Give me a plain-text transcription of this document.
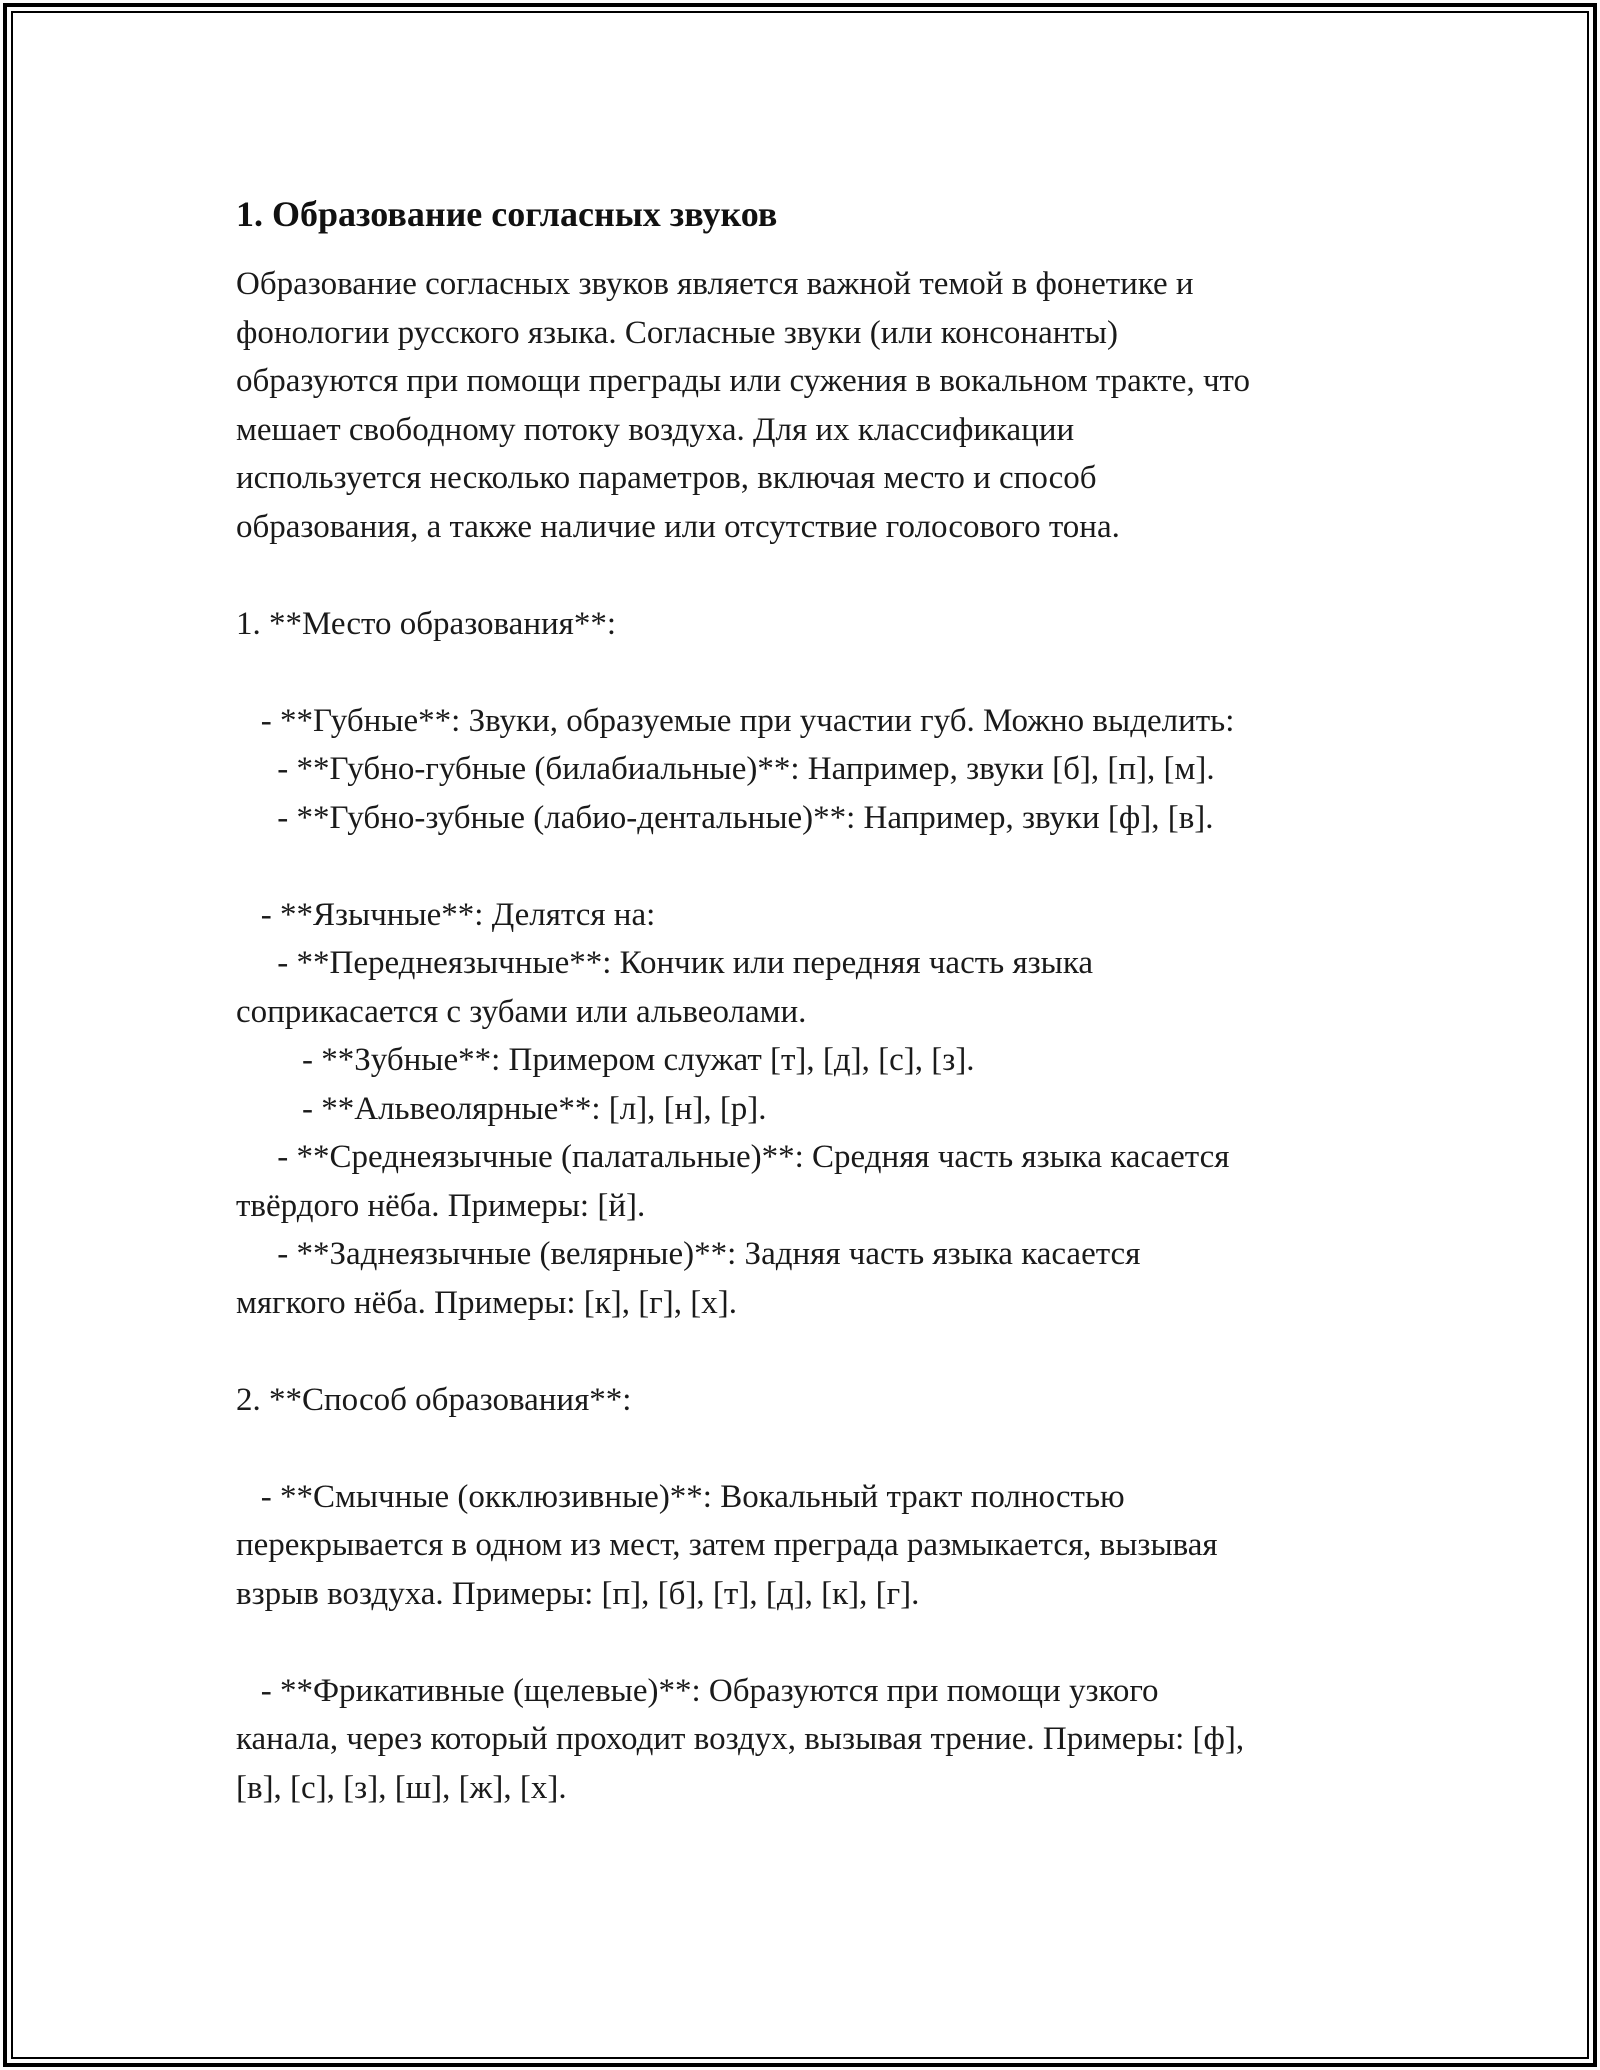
1. Образование согласных звуков

Образование согласных звуков является важной темой в фонетике и
фонологии русского языка. Согласные звуки (или консонанты)
образуются при помощи преграды или сужения в вокальном тракте, что
мешает свободному потоку воздуха. Для их классификации
используется несколько параметров, включая место и способ
образования, а также наличие или отсутствие голосового тона.

1. **Место образования**:

- **Губные**: Звуки, образуемые при участии губ. Можно выделить:
- **Губно-губные (билабиальные)**: Например, звуки [б], [п], [м].
- **Губно-зубные (лабио-дентальные)**: Например, звуки [ф], [в].

- **Язычные**: Делятся на:
- **Переднеязычные**: Кончик или передняя часть языка
соприкасается с зубами или альвеолами.
- **Зубные**: Примером служат [т], [д], [с], [з].
- **Альвеолярные**: [л], [н], [р].
- **Среднеязычные (палатальные)**: Средняя часть языка касается
твёрдого нёба. Примеры: [й].
- **Заднеязычные (велярные)**: Задняя часть языка касается
мягкого нёба. Примеры: [к], [г], [х].

2. **Способ образования**:

- **Смычные (окклюзивные)**: Вокальный тракт полностью
перекрывается в одном из мест, затем преграда размыкается, вызывая
взрыв воздуха. Примеры: [п], [б], [т], [д], [к], [г].

- **Фрикативные (щелевые)**: Образуются при помощи узкого
канала, через который проходит воздух, вызывая трение. Примеры: [ф],
[в], [с], [з], [ш], [ж], [х].
